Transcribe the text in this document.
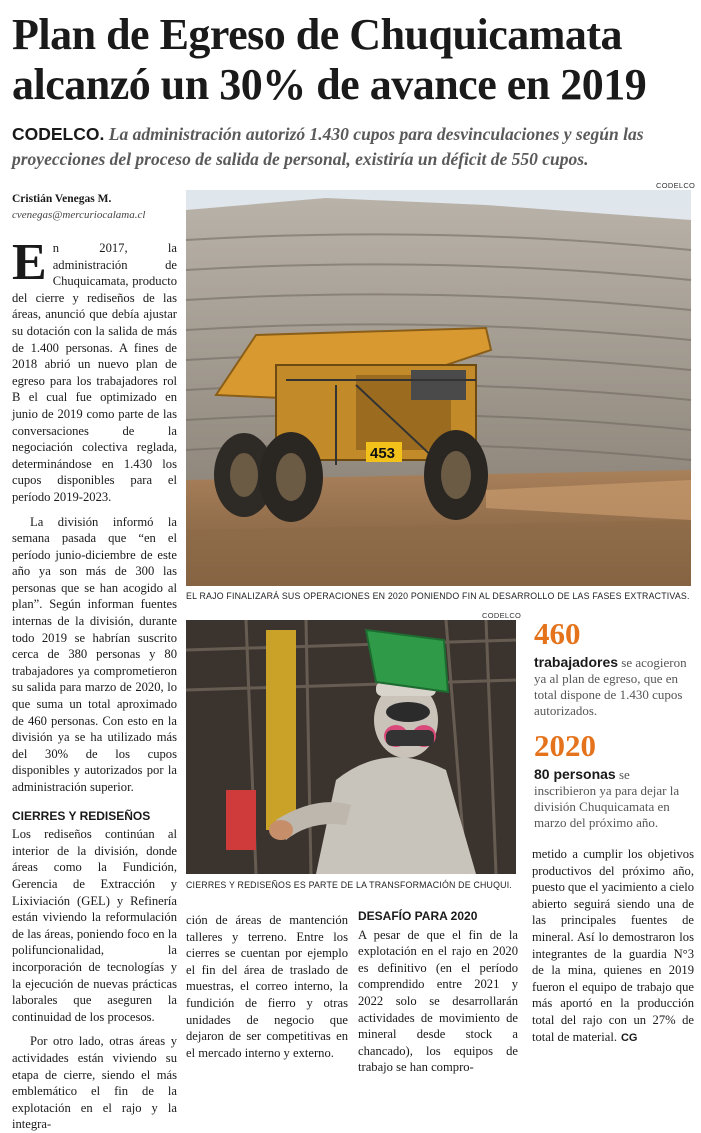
Plan de Egreso de Chuquicamata
alcanzó un 30% de avance en 2019
CODELCO. La administración autorizó 1.430 cupos para desvinculaciones y según las proyecciones del proceso de salida de personal, existiría un déficit de 550 cupos.
Cristián Venegas M.
cvenegas@mercuriocalama.cl
CODELCO
453
EL RAJO FINALIZARÁ SUS OPERACIONES EN 2020 PONIENDO FIN AL DESARROLLO DE LAS FASES EXTRACTIVAS.
CODELCO
CIERRES Y REDISEÑOS ES PARTE DE LA TRANSFORMACIÓN DE CHUQUI.
460
trabajadores se acogieron ya al plan de egreso, que en total dispone de 1.430 cupos autorizados.
2020
80 personas se inscribieron ya para dejar la división Chuquicamata en marzo del próximo año.

E n 2017, la administración de Chuquicamata, producto del cierre y rediseños de las áreas, anunció que debía ajustar su dotación con la salida de más de 1.400 personas. A fines de 2018 abrió un nuevo plan de egreso para los trabajadores rol B el cual fue optimizado en junio de 2019 como parte de las conversaciones de la negociación colectiva reglada, determinándose en 1.430 los cupos disponibles para el período 2019-2023.

La división informó la semana pasada que “en el período junio-diciembre de este año ya son más de 300 las personas que se han acogido al plan”. Según informan fuentes internas de la división, durante todo 2019 se habrían suscrito cerca de 380 personas y 80 trabajadores ya comprometieron su salida para marzo de 2020, lo que suma un total aproximado de 460 personas. Con esto en la división ya se ha utilizado más del 30% de los cupos disponibles y autorizados por la administración superior.

CIERRES Y REDISEÑOS

Los rediseños continúan al interior de la división, donde áreas como la Fundición, Gerencia de Extracción y Lixiviación (GEL) y Refinería están viviendo la reformulación de las áreas, poniendo foco en la polifuncionalidad, la incorporación de tecnologías y la ejecución de nuevas prácticas laborales que aseguren la continuidad de los procesos.

Por otro lado, otras áreas y actividades están viviendo su etapa de cierre, siendo el más emblemático el fin de la explotación en el rajo y la integra-

ción de áreas de mantención talleres y terreno. Entre los cierres se cuentan por ejemplo el fin del área de traslado de muestras, el correo interno, la fundición de fierro y otras unidades de negocio que dejaron de ser competitivas en el mercado interno y externo.

DESAFÍO PARA 2020

A pesar de que el fin de la explotación en el rajo en 2020 es definitivo (en el período comprendido entre 2021 y 2022 solo se desarrollarán actividades de movimiento de mineral desde stock a chancado), los equipos de trabajo se han compro-

metido a cumplir los objetivos productivos del próximo año, puesto que el yacimiento a cielo abierto seguirá siendo una de las principales fuentes de mineral. Así lo demostraron los integrantes de la guardia N°3 de la mina, quienes en 2019 fueron el equipo de trabajo que más aportó en la producción total del rajo con un 27% de total de material. CG
